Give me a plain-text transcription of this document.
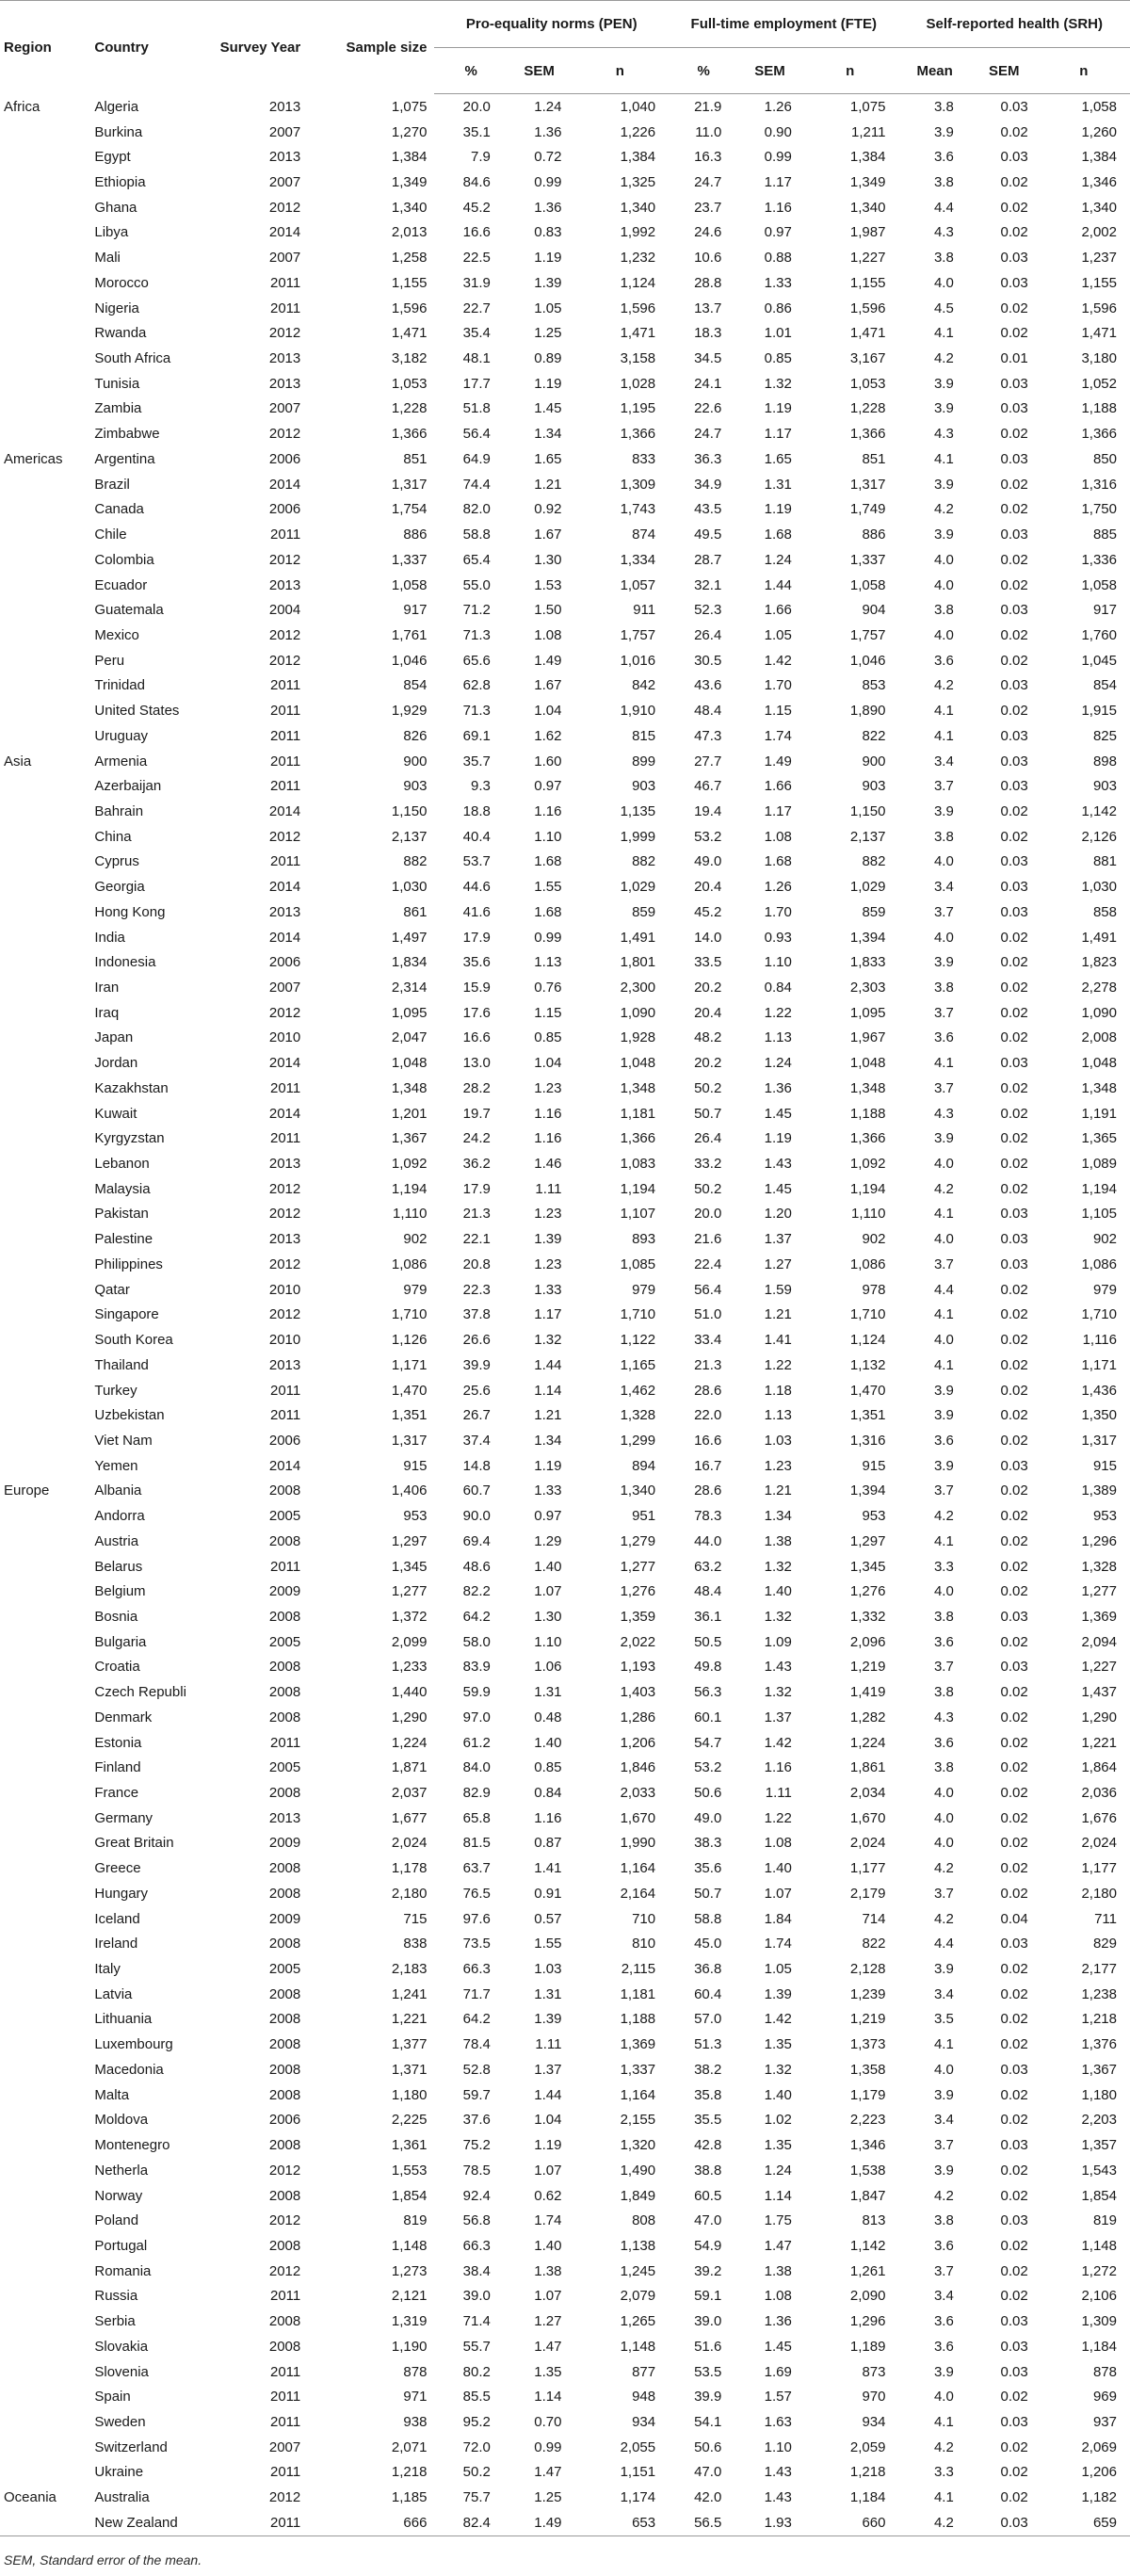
Region	Country	Survey Year	Sample size	Pro-equality norms (PEN)			Full-time employment (FTE)			Self-reported health (SRH)		
				%	SEM	n	%	SEM	n	Mean	SEM	n
Africa	Algeria	2013	1,075	20.0	1.24	1,040	21.9	1.26	1,075	3.8	0.03	1,058
	Burkina	2007	1,270	35.1	1.36	1,226	11.0	0.90	1,211	3.9	0.02	1,260
	Egypt	2013	1,384	7.9	0.72	1,384	16.3	0.99	1,384	3.6	0.03	1,384
	Ethiopia	2007	1,349	84.6	0.99	1,325	24.7	1.17	1,349	3.8	0.02	1,346
	Ghana	2012	1,340	45.2	1.36	1,340	23.7	1.16	1,340	4.4	0.02	1,340
	Libya	2014	2,013	16.6	0.83	1,992	24.6	0.97	1,987	4.3	0.02	2,002
	Mali	2007	1,258	22.5	1.19	1,232	10.6	0.88	1,227	3.8	0.03	1,237
	Morocco	2011	1,155	31.9	1.39	1,124	28.8	1.33	1,155	4.0	0.03	1,155
	Nigeria	2011	1,596	22.7	1.05	1,596	13.7	0.86	1,596	4.5	0.02	1,596
	Rwanda	2012	1,471	35.4	1.25	1,471	18.3	1.01	1,471	4.1	0.02	1,471
	South Africa	2013	3,182	48.1	0.89	3,158	34.5	0.85	3,167	4.2	0.01	3,180
	Tunisia	2013	1,053	17.7	1.19	1,028	24.1	1.32	1,053	3.9	0.03	1,052
	Zambia	2007	1,228	51.8	1.45	1,195	22.6	1.19	1,228	3.9	0.03	1,188
	Zimbabwe	2012	1,366	56.4	1.34	1,366	24.7	1.17	1,366	4.3	0.02	1,366
Americas	Argentina	2006	851	64.9	1.65	833	36.3	1.65	851	4.1	0.03	850
	Brazil	2014	1,317	74.4	1.21	1,309	34.9	1.31	1,317	3.9	0.02	1,316
	Canada	2006	1,754	82.0	0.92	1,743	43.5	1.19	1,749	4.2	0.02	1,750
	Chile	2011	886	58.8	1.67	874	49.5	1.68	886	3.9	0.03	885
	Colombia	2012	1,337	65.4	1.30	1,334	28.7	1.24	1,337	4.0	0.02	1,336
	Ecuador	2013	1,058	55.0	1.53	1,057	32.1	1.44	1,058	4.0	0.02	1,058
	Guatemala	2004	917	71.2	1.50	911	52.3	1.66	904	3.8	0.03	917
	Mexico	2012	1,761	71.3	1.08	1,757	26.4	1.05	1,757	4.0	0.02	1,760
	Peru	2012	1,046	65.6	1.49	1,016	30.5	1.42	1,046	3.6	0.02	1,045
	Trinidad	2011	854	62.8	1.67	842	43.6	1.70	853	4.2	0.03	854
	United States	2011	1,929	71.3	1.04	1,910	48.4	1.15	1,890	4.1	0.02	1,915
	Uruguay	2011	826	69.1	1.62	815	47.3	1.74	822	4.1	0.03	825
Asia	Armenia	2011	900	35.7	1.60	899	27.7	1.49	900	3.4	0.03	898
	Azerbaijan	2011	903	9.3	0.97	903	46.7	1.66	903	3.7	0.03	903
	Bahrain	2014	1,150	18.8	1.16	1,135	19.4	1.17	1,150	3.9	0.02	1,142
	China	2012	2,137	40.4	1.10	1,999	53.2	1.08	2,137	3.8	0.02	2,126
	Cyprus	2011	882	53.7	1.68	882	49.0	1.68	882	4.0	0.03	881
	Georgia	2014	1,030	44.6	1.55	1,029	20.4	1.26	1,029	3.4	0.03	1,030
	Hong Kong	2013	861	41.6	1.68	859	45.2	1.70	859	3.7	0.03	858
	India	2014	1,497	17.9	0.99	1,491	14.0	0.93	1,394	4.0	0.02	1,491
	Indonesia	2006	1,834	35.6	1.13	1,801	33.5	1.10	1,833	3.9	0.02	1,823
	Iran	2007	2,314	15.9	0.76	2,300	20.2	0.84	2,303	3.8	0.02	2,278
	Iraq	2012	1,095	17.6	1.15	1,090	20.4	1.22	1,095	3.7	0.02	1,090
	Japan	2010	2,047	16.6	0.85	1,928	48.2	1.13	1,967	3.6	0.02	2,008
	Jordan	2014	1,048	13.0	1.04	1,048	20.2	1.24	1,048	4.1	0.03	1,048
	Kazakhstan	2011	1,348	28.2	1.23	1,348	50.2	1.36	1,348	3.7	0.02	1,348
	Kuwait	2014	1,201	19.7	1.16	1,181	50.7	1.45	1,188	4.3	0.02	1,191
	Kyrgyzstan	2011	1,367	24.2	1.16	1,366	26.4	1.19	1,366	3.9	0.02	1,365
	Lebanon	2013	1,092	36.2	1.46	1,083	33.2	1.43	1,092	4.0	0.02	1,089
	Malaysia	2012	1,194	17.9	1.11	1,194	50.2	1.45	1,194	4.2	0.02	1,194
	Pakistan	2012	1,110	21.3	1.23	1,107	20.0	1.20	1,110	4.1	0.03	1,105
	Palestine	2013	902	22.1	1.39	893	21.6	1.37	902	4.0	0.03	902
	Philippines	2012	1,086	20.8	1.23	1,085	22.4	1.27	1,086	3.7	0.03	1,086
	Qatar	2010	979	22.3	1.33	979	56.4	1.59	978	4.4	0.02	979
	Singapore	2012	1,710	37.8	1.17	1,710	51.0	1.21	1,710	4.1	0.02	1,710
	South Korea	2010	1,126	26.6	1.32	1,122	33.4	1.41	1,124	4.0	0.02	1,116
	Thailand	2013	1,171	39.9	1.44	1,165	21.3	1.22	1,132	4.1	0.02	1,171
	Turkey	2011	1,470	25.6	1.14	1,462	28.6	1.18	1,470	3.9	0.02	1,436
	Uzbekistan	2011	1,351	26.7	1.21	1,328	22.0	1.13	1,351	3.9	0.02	1,350
	Viet Nam	2006	1,317	37.4	1.34	1,299	16.6	1.03	1,316	3.6	0.02	1,317
	Yemen	2014	915	14.8	1.19	894	16.7	1.23	915	3.9	0.03	915
Europe	Albania	2008	1,406	60.7	1.33	1,340	28.6	1.21	1,394	3.7	0.02	1,389
	Andorra	2005	953	90.0	0.97	951	78.3	1.34	953	4.2	0.02	953
	Austria	2008	1,297	69.4	1.29	1,279	44.0	1.38	1,297	4.1	0.02	1,296
	Belarus	2011	1,345	48.6	1.40	1,277	63.2	1.32	1,345	3.3	0.02	1,328
	Belgium	2009	1,277	82.2	1.07	1,276	48.4	1.40	1,276	4.0	0.02	1,277
	Bosnia	2008	1,372	64.2	1.30	1,359	36.1	1.32	1,332	3.8	0.03	1,369
	Bulgaria	2005	2,099	58.0	1.10	2,022	50.5	1.09	2,096	3.6	0.02	2,094
	Croatia	2008	1,233	83.9	1.06	1,193	49.8	1.43	1,219	3.7	0.03	1,227
	Czech Republi	2008	1,440	59.9	1.31	1,403	56.3	1.32	1,419	3.8	0.02	1,437
	Denmark	2008	1,290	97.0	0.48	1,286	60.1	1.37	1,282	4.3	0.02	1,290
	Estonia	2011	1,224	61.2	1.40	1,206	54.7	1.42	1,224	3.6	0.02	1,221
	Finland	2005	1,871	84.0	0.85	1,846	53.2	1.16	1,861	3.8	0.02	1,864
	France	2008	2,037	82.9	0.84	2,033	50.6	1.11	2,034	4.0	0.02	2,036
	Germany	2013	1,677	65.8	1.16	1,670	49.0	1.22	1,670	4.0	0.02	1,676
	Great Britain	2009	2,024	81.5	0.87	1,990	38.3	1.08	2,024	4.0	0.02	2,024
	Greece	2008	1,178	63.7	1.41	1,164	35.6	1.40	1,177	4.2	0.02	1,177
	Hungary	2008	2,180	76.5	0.91	2,164	50.7	1.07	2,179	3.7	0.02	2,180
	Iceland	2009	715	97.6	0.57	710	58.8	1.84	714	4.2	0.04	711
	Ireland	2008	838	73.5	1.55	810	45.0	1.74	822	4.4	0.03	829
	Italy	2005	2,183	66.3	1.03	2,115	36.8	1.05	2,128	3.9	0.02	2,177
	Latvia	2008	1,241	71.7	1.31	1,181	60.4	1.39	1,239	3.4	0.02	1,238
	Lithuania	2008	1,221	64.2	1.39	1,188	57.0	1.42	1,219	3.5	0.02	1,218
	Luxembourg	2008	1,377	78.4	1.11	1,369	51.3	1.35	1,373	4.1	0.02	1,376
	Macedonia	2008	1,371	52.8	1.37	1,337	38.2	1.32	1,358	4.0	0.03	1,367
	Malta	2008	1,180	59.7	1.44	1,164	35.8	1.40	1,179	3.9	0.02	1,180
	Moldova	2006	2,225	37.6	1.04	2,155	35.5	1.02	2,223	3.4	0.02	2,203
	Montenegro	2008	1,361	75.2	1.19	1,320	42.8	1.35	1,346	3.7	0.03	1,357
	Netherla	2012	1,553	78.5	1.07	1,490	38.8	1.24	1,538	3.9	0.02	1,543
	Norway	2008	1,854	92.4	0.62	1,849	60.5	1.14	1,847	4.2	0.02	1,854
	Poland	2012	819	56.8	1.74	808	47.0	1.75	813	3.8	0.03	819
	Portugal	2008	1,148	66.3	1.40	1,138	54.9	1.47	1,142	3.6	0.02	1,148
	Romania	2012	1,273	38.4	1.38	1,245	39.2	1.38	1,261	3.7	0.02	1,272
	Russia	2011	2,121	39.0	1.07	2,079	59.1	1.08	2,090	3.4	0.02	2,106
	Serbia	2008	1,319	71.4	1.27	1,265	39.0	1.36	1,296	3.6	0.03	1,309
	Slovakia	2008	1,190	55.7	1.47	1,148	51.6	1.45	1,189	3.6	0.03	1,184
	Slovenia	2011	878	80.2	1.35	877	53.5	1.69	873	3.9	0.03	878
	Spain	2011	971	85.5	1.14	948	39.9	1.57	970	4.0	0.02	969
	Sweden	2011	938	95.2	0.70	934	54.1	1.63	934	4.1	0.03	937
	Switzerland	2007	2,071	72.0	0.99	2,055	50.6	1.10	2,059	4.2	0.02	2,069
	Ukraine	2011	1,218	50.2	1.47	1,151	47.0	1.43	1,218	3.3	0.02	1,206
Oceania	Australia	2012	1,185	75.7	1.25	1,174	42.0	1.43	1,184	4.1	0.02	1,182
	New Zealand	2011	666	82.4	1.49	653	56.5	1.93	660	4.2	0.03	659
SEM, Standard error of the mean.
